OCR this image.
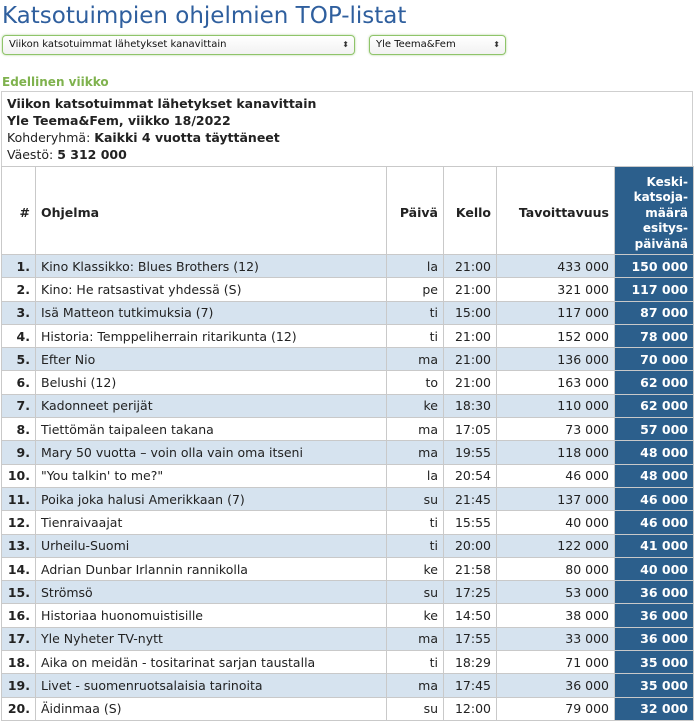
Katsotuimpien ohjelmien TOP-listat
Viikon katsotuimmat lähetykset kanavittain	⬍	Yle Teema&Fem	⬍
Edellinen viikko
Viikon katsotuimmat lähetykset kanavittain
Yle Teema&Fem, viikko 18/2022
Kohderyhmä: Kaikki 4 vuotta täyttäneet
Väestö: 5 312 000
#	Ohjelma	Päivä	Kello	Tavoittavuus	Keski- katsoja- määrä esitys- päivänä
1.	Kino Klassikko: Blues Brothers (12)	la	21:00	433 000	150 000
2.	Kino: He ratsastivat yhdessä (S)	pe	21:00	321 000	117 000
3.	Isä Matteon tutkimuksia (7)	ti	15:00	117 000	87 000
4.	Historia: Temppeliherrain ritarikunta (12)	ti	21:00	152 000	78 000
5.	Efter Nio	ma	21:00	136 000	70 000
6.	Belushi (12)	to	21:00	163 000	62 000
7.	Kadonneet perijät	ke	18:30	110 000	62 000
8.	Tiettömän taipaleen takana	ma	17:05	73 000	57 000
9.	Mary 50 vuotta – voin olla vain oma itseni	ma	19:55	118 000	48 000
10.	"You talkin' to me?"	la	20:54	46 000	48 000
11.	Poika joka halusi Amerikkaan (7)	su	21:45	137 000	46 000
12.	Tienraivaajat	ti	15:55	40 000	46 000
13.	Urheilu-Suomi	ti	20:00	122 000	41 000
14.	Adrian Dunbar Irlannin rannikolla	ke	21:58	80 000	40 000
15.	Strömsö	su	17:25	53 000	36 000
16.	Historiaa huonomuistisille	ke	14:50	38 000	36 000
17.	Yle Nyheter TV-nytt	ma	17:55	33 000	36 000
18.	Aika on meidän - tositarinat sarjan taustalla	ti	18:29	71 000	35 000
19.	Livet - suomenruotsalaisia tarinoita	ma	17:45	36 000	35 000
20.	Äidinmaa (S)	su	12:00	79 000	32 000
